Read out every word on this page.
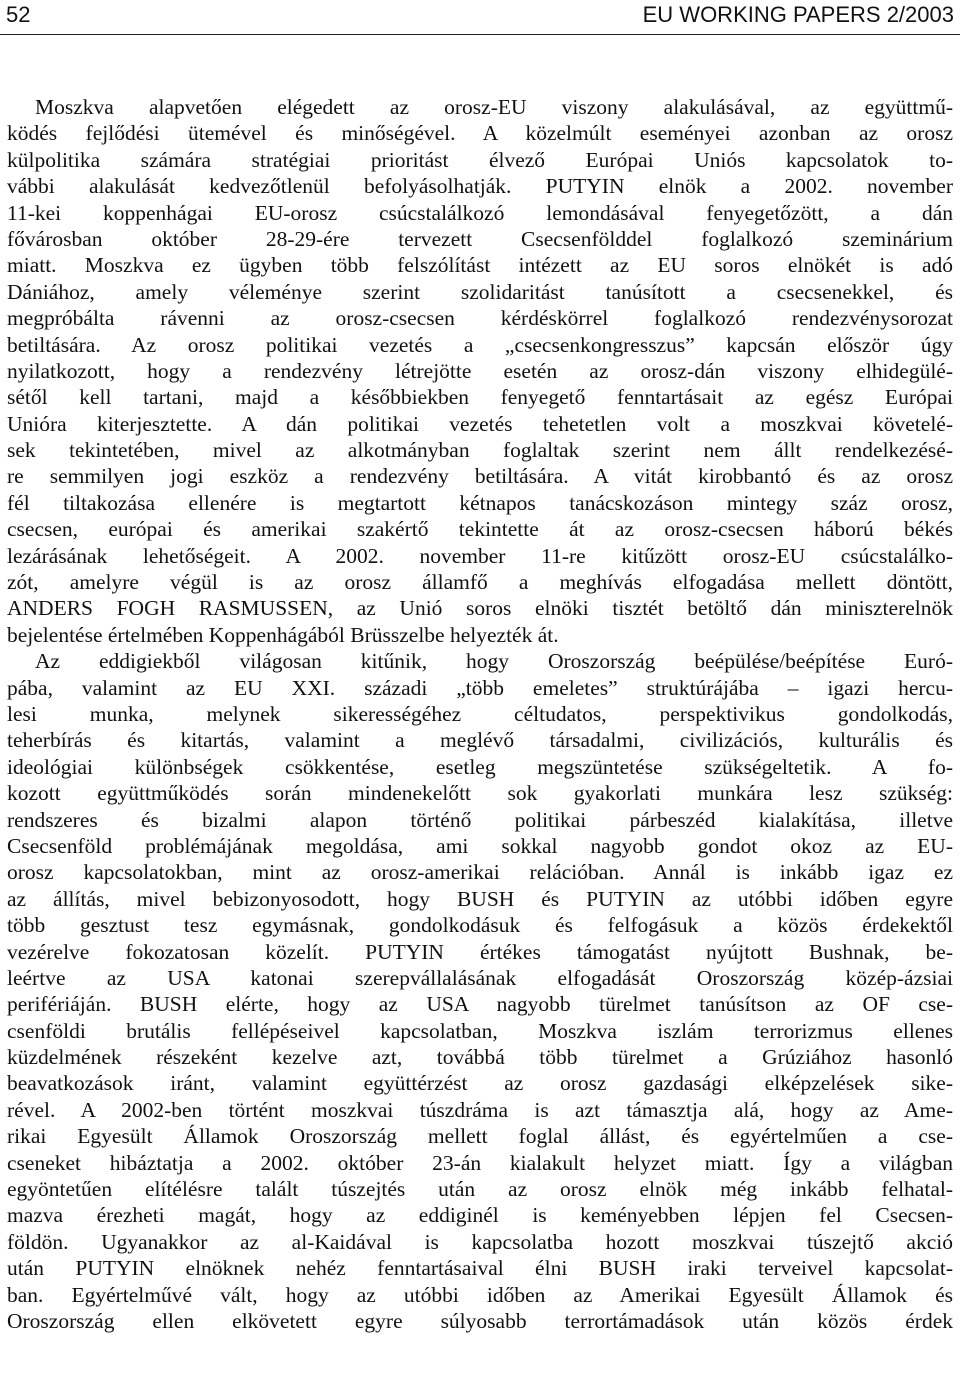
52	EU WORKING PAPERS 2/2003
Moszkva alapvetően elégedett az orosz-EU viszony alakulásával, az együttmű-
ködés fejlődési ütemével és minőségével. A közelmúlt eseményei azonban az orosz
külpolitika számára stratégiai prioritást élvező Európai Uniós kapcsolatok to-
vábbi alakulását kedvezőtlenül befolyásolhatják. PUTYIN elnök a 2002. november
11-kei koppenhágai EU-orosz csúcstalálkozó lemondásával fenyegetőzött, a dán
fővárosban október 28-29-ére tervezett Csecsenfölddel foglalkozó szeminárium
miatt. Moszkva ez ügyben több felszólítást intézett az EU soros elnökét is adó
Dániához, amely véleménye szerint szolidaritást tanúsított a csecsenekkel, és
megpróbálta rávenni az orosz-csecsen kérdéskörrel foglalkozó rendezvénysorozat
betiltására. Az orosz politikai vezetés a „csecsenkongresszus” kapcsán először úgy
nyilatkozott, hogy a rendezvény létrejötte esetén az orosz-dán viszony elhidegülé-
sétől kell tartani, majd a későbbiekben fenyegető fenntartásait az egész Európai
Unióra kiterjesztette. A dán politikai vezetés tehetetlen volt a moszkvai követelé-
sek tekintetében, mivel az alkotmányban foglaltak szerint nem állt rendelkezésé-
re semmilyen jogi eszköz a rendezvény betiltására. A vitát kirobbantó és az orosz
fél tiltakozása ellenére is megtartott kétnapos tanácskozáson mintegy száz orosz,
csecsen, európai és amerikai szakértő tekintette át az orosz-csecsen háború békés
lezárásának lehetőségeit. A 2002. november 11-re kitűzött orosz-EU csúcstalálko-
zót, amelyre végül is az orosz államfő a meghívás elfogadása mellett döntött,
ANDERS FOGH RASMUSSEN, az Unió soros elnöki tisztét betöltő dán miniszterelnök
bejelentése értelmében Koppenhágából Brüsszelbe helyezték át.
Az eddigiekből világosan kitűnik, hogy Oroszország beépülése/beépítése Euró-
pába, valamint az EU XXI. századi „több emeletes” struktúrájába – igazi hercu-
lesi munka, melynek sikerességéhez céltudatos, perspektivikus gondolkodás,
teherbírás és kitartás, valamint a meglévő társadalmi, civilizációs, kulturális és
ideológiai különbségek csökkentése, esetleg megszüntetése szükségeltetik. A fo-
kozott együttműködés során mindenekelőtt sok gyakorlati munkára lesz szükség:
rendszeres és bizalmi alapon történő politikai párbeszéd kialakítása, illetve
Csecsenföld problémájának megoldása, ami sokkal nagyobb gondot okoz az EU-
orosz kapcsolatokban, mint az orosz-amerikai relációban. Annál is inkább igaz ez
az állítás, mivel bebizonyosodott, hogy BUSH és PUTYIN az utóbbi időben egyre
több gesztust tesz egymásnak, gondolkodásuk és felfogásuk a közös érdekektől
vezérelve fokozatosan közelít. PUTYIN értékes támogatást nyújtott Bushnak, be-
leértve az USA katonai szerepvállalásának elfogadását Oroszország közép-ázsiai
perifériáján. BUSH elérte, hogy az USA nagyobb türelmet tanúsítson az OF cse-
csenföldi brutális fellépéseivel kapcsolatban, Moszkva iszlám terrorizmus ellenes
küzdelmének részeként kezelve azt, továbbá több türelmet a Grúziához hasonló
beavatkozások iránt, valamint együttérzést az orosz gazdasági elképzelések sike-
rével. A 2002-ben történt moszkvai túszdráma is azt támasztja alá, hogy az Ame-
rikai Egyesült Államok Oroszország mellett foglal állást, és egyértelműen a cse-
cseneket hibáztatja a 2002. október 23-án kialakult helyzet miatt. Így a világban
egyöntetűen elítélésre talált túszejtés után az orosz elnök még inkább felhatal-
mazva érezheti magát, hogy az eddiginél is keményebben lépjen fel Csecsen-
földön. Ugyanakkor az al-Kaidával is kapcsolatba hozott moszkvai túszejtő akció
után PUTYIN elnöknek nehéz fenntartásaival élni BUSH iraki terveivel kapcsolat-
ban. Egyértelművé vált, hogy az utóbbi időben az Amerikai Egyesült Államok és
Oroszország ellen elkövetett egyre súlyosabb terrortámadások után közös érdek
